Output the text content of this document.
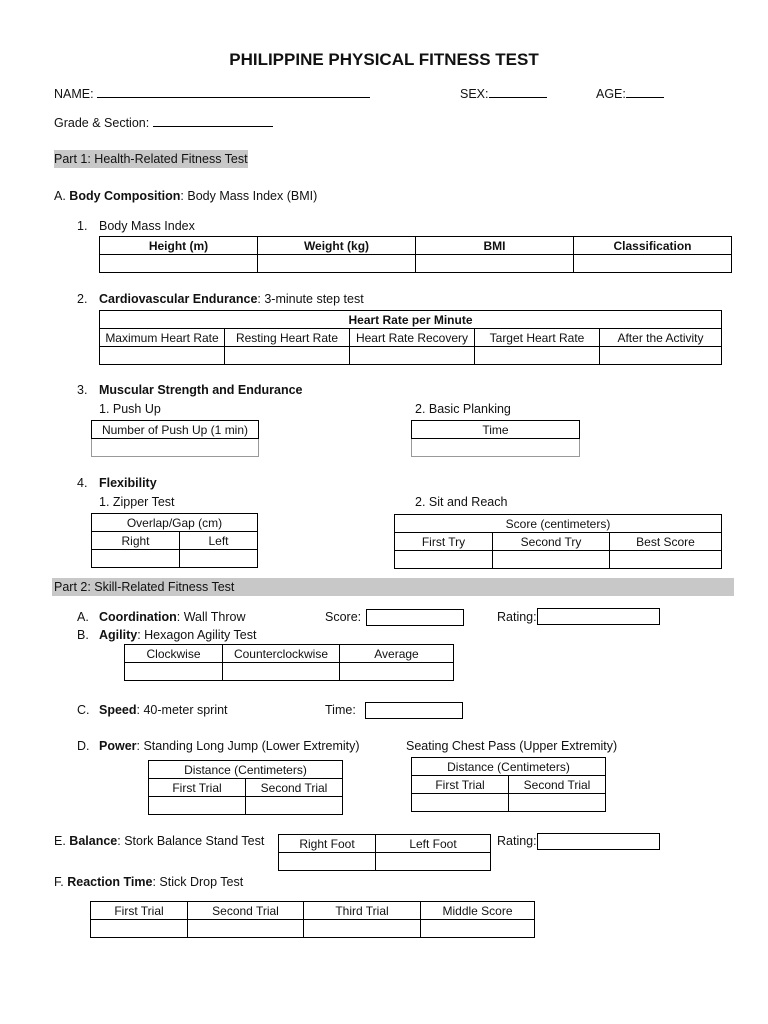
PHILIPPINE PHYSICAL FITNESS TEST
NAME:	SEX:	AGE:
Grade & Section:
Part 1: Health-Related Fitness Test
A. Body Composition: Body Mass Index (BMI)
1. Body Mass Index
Height (m)	Weight (kg)	BMI	Classification

2. Cardiovascular Endurance: 3-minute step test
Heart Rate per Minute				
Maximum Heart Rate	Resting Heart Rate	Heart Rate Recovery	Target Heart Rate	After the Activity

3. Muscular Strength and Endurance
1. Push Up
Number of Push Up (1 min)

2. Basic Planking
Time

4. Flexibility
1. Zipper Test
Overlap/Gap (cm)	
Right	Left

2. Sit and Reach
Score (centimeters)		
First Try	Second Try	Best Score

Part 2: Skill-Related Fitness Test
A. Coordination: Wall Throw	Score:	Rating:
B. Agility: Hexagon Agility Test
Clockwise	Counterclockwise	Average

C. Speed: 40-meter sprint	Time:
D. Power: Standing Long Jump (Lower Extremity)	Seating Chest Pass (Upper Extremity)
Distance (Centimeters)	
First Trial	Second Trial

Distance (Centimeters)	
First Trial	Second Trial

E. Balance: Stork Balance Stand Test	Right Foot	Left Foot
		Rating:
F. Reaction Time: Stick Drop Test
First Trial	Second Trial	Third Trial	Middle Score
